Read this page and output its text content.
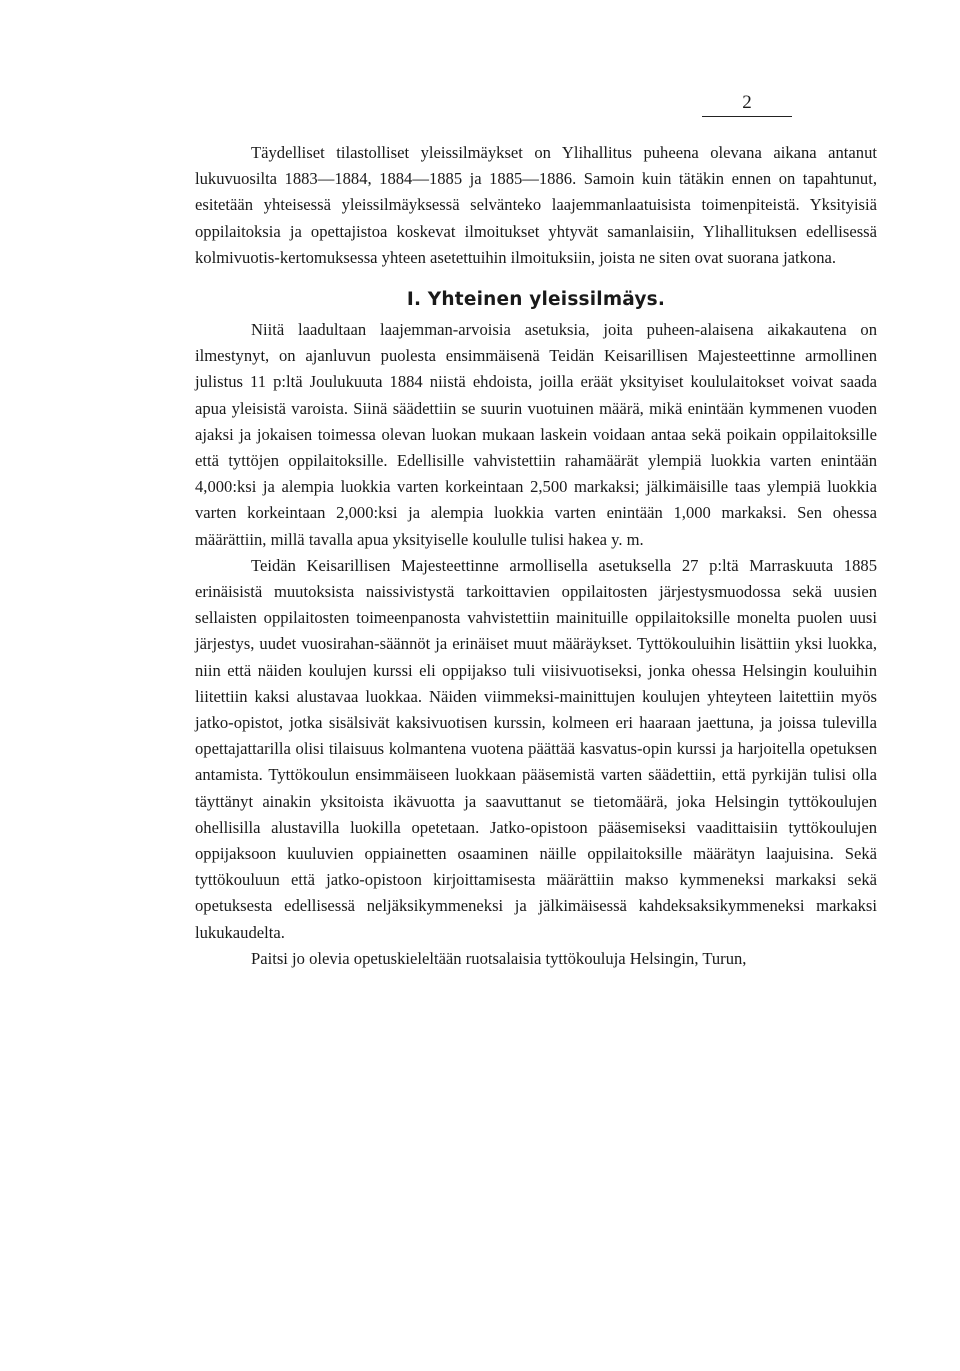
2

Täydelliset tilastolliset yleissilmäykset on Ylihallitus puheena olevana aikana antanut lukuvuosilta 1883—1884, 1884—1885 ja 1885—1886. Samoin kuin tätäkin ennen on tapahtunut, esitetään yhteisessä yleissilmäyksessä selvänteko laajemmanlaatuisista toimenpiteistä. Yksityisiä oppilaitoksia ja opettajistoa koskevat ilmoitukset yhtyvät samanlaisiin, Ylihallituksen edellisessä kolmivuotis-kertomuksessa yhteen asetettuihin ilmoituksiin, joista ne siten ovat suorana jatkona.

I. Yhteinen yleissilmäys.

Niitä laadultaan laajemman-arvoisia asetuksia, joita puheen-alaisena aikakautena on ilmestynyt, on ajanluvun puolesta ensimmäisenä Teidän Keisarillisen Majesteettinne armollinen julistus 11 p:ltä Joulukuuta 1884 niistä ehdoista, joilla eräät yksityiset koululaitokset voivat saada apua yleisistä varoista. Siinä säädettiin se suurin vuotuinen määrä, mikä enintään kymmenen vuoden ajaksi ja jokaisen toimessa olevan luokan mukaan laskein voidaan antaa sekä poikain oppilaitoksille että tyttöjen oppilaitoksille. Edellisille vahvistettiin rahamäärät ylempiä luokkia varten enintään 4,000:ksi ja alempia luokkia varten korkeintaan 2,500 markaksi; jälkimäisille taas ylempiä luokkia varten korkeintaan 2,000:ksi ja alempia luokkia varten enintään 1,000 markaksi. Sen ohessa määrättiin, millä tavalla apua yksityiselle koululle tulisi hakea y. m.

Teidän Keisarillisen Majesteettinne armollisella asetuksella 27 p:ltä Marraskuuta 1885 erinäisistä muutoksista naissivistystä tarkoittavien oppilaitosten järjestysmuodossa sekä uusien sellaisten oppilaitosten toimeenpanosta vahvistettiin mainituille oppilaitoksille monelta puolen uusi järjestys, uudet vuosirahan-säännöt ja erinäiset muut määräykset. Tyttökouluihin lisättiin yksi luokka, niin että näiden koulujen kurssi eli oppijakso tuli viisivuotiseksi, jonka ohessa Helsingin kouluihin liitettiin kaksi alustavaa luokkaa. Näiden viimmeksi-mainittujen koulujen yhteyteen laitettiin myös jatko-opistot, jotka sisälsivät kaksivuotisen kurssin, kolmeen eri haaraan jaettuna, ja joissa tulevilla opettajattarilla olisi tilaisuus kolmantena vuotena päättää kasvatus-opin kurssi ja harjoitella opetuksen antamista. Tyttökoulun ensimmäiseen luokkaan pääsemistä varten säädettiin, että pyrkijän tulisi olla täyttänyt ainakin yksitoista ikävuotta ja saavuttanut se tietomäärä, joka Helsingin tyttökoulujen ohellisilla alustavilla luokilla opetetaan. Jatko-opistoon pääsemiseksi vaadittaisiin tyttökoulujen oppijaksoon kuuluvien oppiainetten osaaminen näille oppilaitoksille määrätyn laajuisina. Sekä tyttökouluun että jatko-opistoon kirjoittamisesta määrättiin makso kymmeneksi markaksi sekä opetuksesta edellisessä neljäksikymmeneksi ja jälkimäisessä kahdeksaksikymmeneksi markaksi lukukaudelta.

Paitsi jo olevia opetuskieleltään ruotsalaisia tyttökouluja Helsingin, Turun,
